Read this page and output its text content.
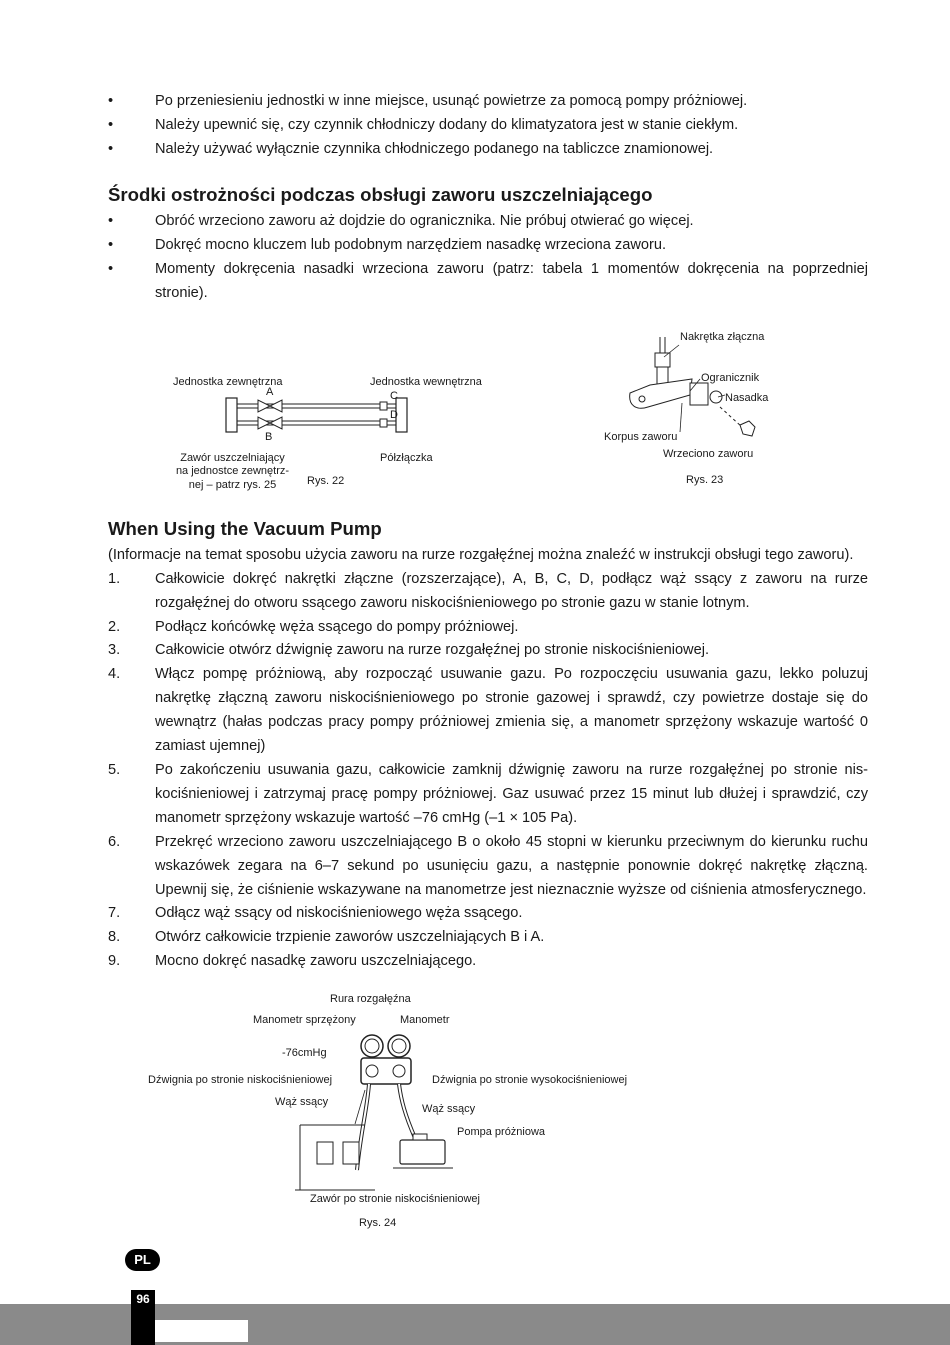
•	Po przeniesieniu jednostki w inne miejsce, usunąć powietrze za pomocą pompy próżniowej.
•	Należy upewnić się, czy czynnik chłodniczy dodany do klimatyzatora jest w stanie ciekłym.
•	Należy używać wyłącznie czynnika chłodniczego podanego na tabliczce znamionowej.
Środki ostrożności podczas obsługi zaworu uszczelniającego
•	Obróć wrzeciono zaworu aż dojdzie do ogranicznika. Nie próbuj otwierać go więcej.
•	Dokręć mocno kluczem lub podobnym narzędziem nasadkę wrzeciona zaworu.
•	Momenty dokręcenia nasadki wrzeciona zaworu (patrz: tabela 1 momentów dokręcenia na poprzedniej stronie).
Jednostka zewnętrzna	Jednostka wewnętrzna
A
B
C
D
Zawór uszczelniający
na jednostce zewnętrz-
nej – patrz rys. 25
Półzłączka
Rys. 22
Nakrętka złączna
Ogranicznik
Nasadka
Korpus zaworu
Wrzeciono zaworu
Rys. 23
When Using the Vacuum Pump
(Informacje na temat sposobu użycia zaworu na rurze rozgałęźnej można znaleźć w instrukcji obsługi tego zaworu).
1.	Całkowicie dokręć nakrętki złączne (rozszerzające), A, B, C, D, podłącz wąż ssący z zaworu na rurze rozgałęźnej do otworu ssącego zaworu niskociśnieniowego po stronie gazu w stanie lotnym.
2.	Podłącz końcówkę węża ssącego do pompy próżniowej.
3.	Całkowicie otwórz dźwignię zaworu na rurze rozgałęźnej po stronie niskociśnieniowej.
4.	Włącz pompę próżniową, aby rozpocząć usuwanie gazu. Po rozpoczęciu usuwania gazu, lekko poluzuj nakrętkę złączną zaworu niskociśnieniowego po stronie gazowej i sprawdź, czy powietrze dostaje się do wewnątrz (hałas podczas pracy pompy próżniowej zmienia się, a manometr sprzężony wskazuje wartość 0 zamiast ujemnej)
5.	Po zakończeniu usuwania gazu, całkowicie zamknij dźwignię zaworu na rurze rozgałęźnej po stronie nis-kociśnieniowej i zatrzymaj pracę pompy próżniowej. Gaz usuwać przez 15 minut lub dłużej i sprawdzić, czy manometr sprzężony wskazuje wartość –76 cmHg (–1 × 105 Pa).
6.	Przekręć wrzeciono zaworu uszczelniającego B o około 45 stopni w kierunku przeciwnym do kierunku ruchu wskazówek zegara na 6–7 sekund po usunięciu gazu, a następnie ponownie dokręć nakrętkę złączną. Upewnij się, że ciśnienie wskazywane na manometrze jest nieznacznie wyższe od ciśnienia atmosferycznego.
7.	Odłącz wąż ssący od niskociśnieniowego węża ssącego.
8.	Otwórz całkowicie trzpienie zaworów uszczelniających B i A.
9.	Mocno dokręć nasadkę zaworu uszczelniającego.
Rura rozgałęźna
Manometr sprzężony	Manometr
-76cmHg
Dźwignia po stronie niskociśnieniowej	Dźwignia po stronie wysokociśnieniowej
Wąż ssący
Wąż ssący
Pompa próżniowa
Zawór po stronie niskociśnieniowej
Rys. 24
PL
96
